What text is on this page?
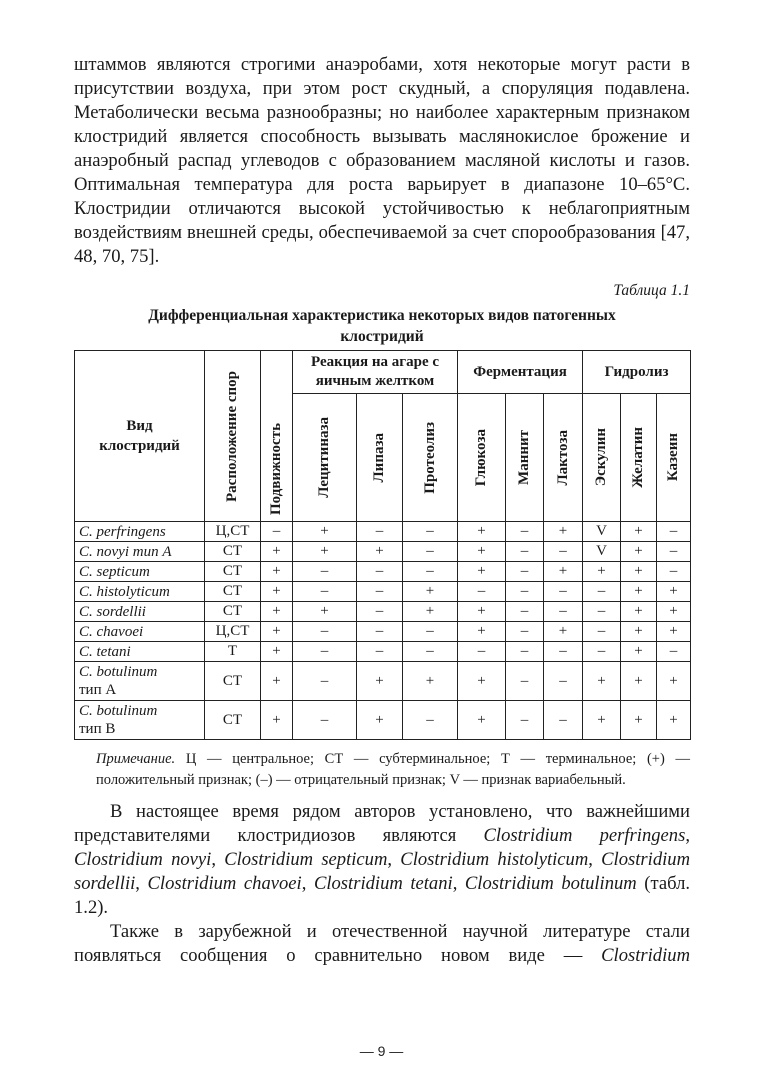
штаммов являются строгими анаэробами, хотя некоторые могут расти в присутствии воздуха, при этом рост скудный, а споруляция подавлена. Метаболически весьма разнообразны; но наиболее характерным признаком клостридий является способность вызывать маслянокислое брожение и анаэробный распад углеводов с образованием масляной кислоты и газов. Оптимальная температура для роста варьирует в диапазоне 10–65°C. Клостридии отличаются высокой устойчивостью к неблагоприятным воздействиям внешней среды, обеспечиваемой за счет спорообразования [47, 48, 70, 75].

Таблица 1.1
Дифференциальная характеристика некоторых видов патогенных клостридий
Вид клостридий	Расположение спор	Подвижность	Реакция на агаре с яичным желтком			Ферментация			Гидролиз		

			Лецитиназа	Липаза	Протеолиз	Глюкоза	Маннит	Лактоза	Эскулин	Желатин	Казеин

C. perfringens	Ц,СТ	–	+	–	–	+	–	+	V	+	–
C. novyi тип A	СТ	+	+	+	–	+	–	–	V	+	–
C. septicum	СТ	+	–	–	–	+	–	+	+	+	–
C. histolyticum	СТ	+	–	–	+	–	–	–	–	+	+
C. sordellii	СТ	+	+	–	+	+	–	–	–	+	+
C. chavoei	Ц,СТ	+	–	–	–	+	–	+	–	+	+
C. tetani	Т	+	–	–	–	–	–	–	–	+	–
C. botulinum
тип A	СТ	+	–	+	+	+	–	–	+	+	+
C. botulinum
тип B	СТ	+	–	+	–	+	–	–	+	+	+

Примечание. Ц — центральное; СТ — субтерминальное; Т — терминальное; (+) — положительный признак; (–) — отрицательный признак; V — признак вариабельный.

В настоящее время рядом авторов установлено, что важнейшими представителями клостридиозов являются Clostridium perfringens, Clostridium novyi, Clostridium septicum, Clostridium histolyticum, Clostridium sordellii, Clostridium chavoei, Clostridium tetani, Clostridium botulinum (табл. 1.2).

Также в зарубежной и отечественной научной литературе стали появляться сообщения о сравнительно новом виде — Clostridium

— 9 —
